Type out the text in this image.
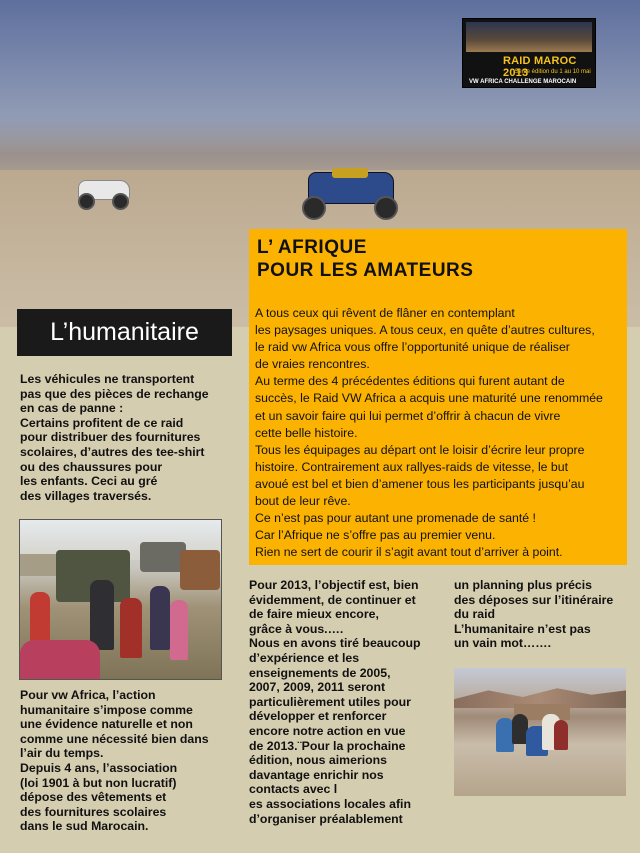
RAID MAROC 2013
5ème édition du 1 au 10 mai
VW AFRICA CHALLENGE MAROCAIN
L’ AFRIQUE
POUR LES AMATEURS

A tous ceux qui rêvent de flâner en contemplant

les paysages uniques. A tous ceux, en quête d’autres cultures,

le raid vw Africa vous offre l’opportunité unique de réaliser

de vraies rencontres.

Au terme des 4 précédentes éditions qui furent autant de

succès, le Raid VW Africa a acquis une maturité une renommée

et un savoir faire qui lui permet d’offrir à chacun de vivre

cette belle histoire.

Tous les équipages au départ ont le loisir d’écrire leur propre

histoire. Contrairement aux rallyes-raids de vitesse, le but

avoué est bel et bien d’amener tous les participants jusqu’au

bout de leur rêve.

Ce n’est pas pour autant une promenade de santé !

Car l’Afrique ne s’offre pas au premier venu.

Rien ne sert de courir il s’agit avant tout d’arriver à point.

L’humanitaire

Les véhicules ne transportent

pas que des pièces de rechange

en cas de panne :

Certains profitent de ce raid

pour distribuer des fournitures

scolaires, d’autres des tee-shirt

ou des chaussures pour

les enfants. Ceci au gré

des villages traversés.

Pour vw Africa, l’action

humanitaire s’impose comme

une évidence naturelle et non

comme une nécessité bien dans

l’air du temps.

Depuis 4 ans, l’association

(loi 1901 à but non lucratif)

dépose des vêtements et

des fournitures scolaires

dans le sud Marocain.

Pour 2013, l’objectif est, bien

évidemment, de continuer et

de faire mieux encore,

grâce à vous.….

Nous en avons tiré beaucoup

d’expérience et les

enseignements de 2005,

2007, 2009, 2011 seront

particulièrement utiles pour

développer et renforcer

encore notre action en vue

de 2013.¨Pour la prochaine

édition, nous aimerions

davantage enrichir nos

contacts avec l

es associations locales afin

d’organiser préalablement

un planning plus précis

des déposes sur l’itinéraire

du raid

L’humanitaire n’est pas

un vain mot…….
